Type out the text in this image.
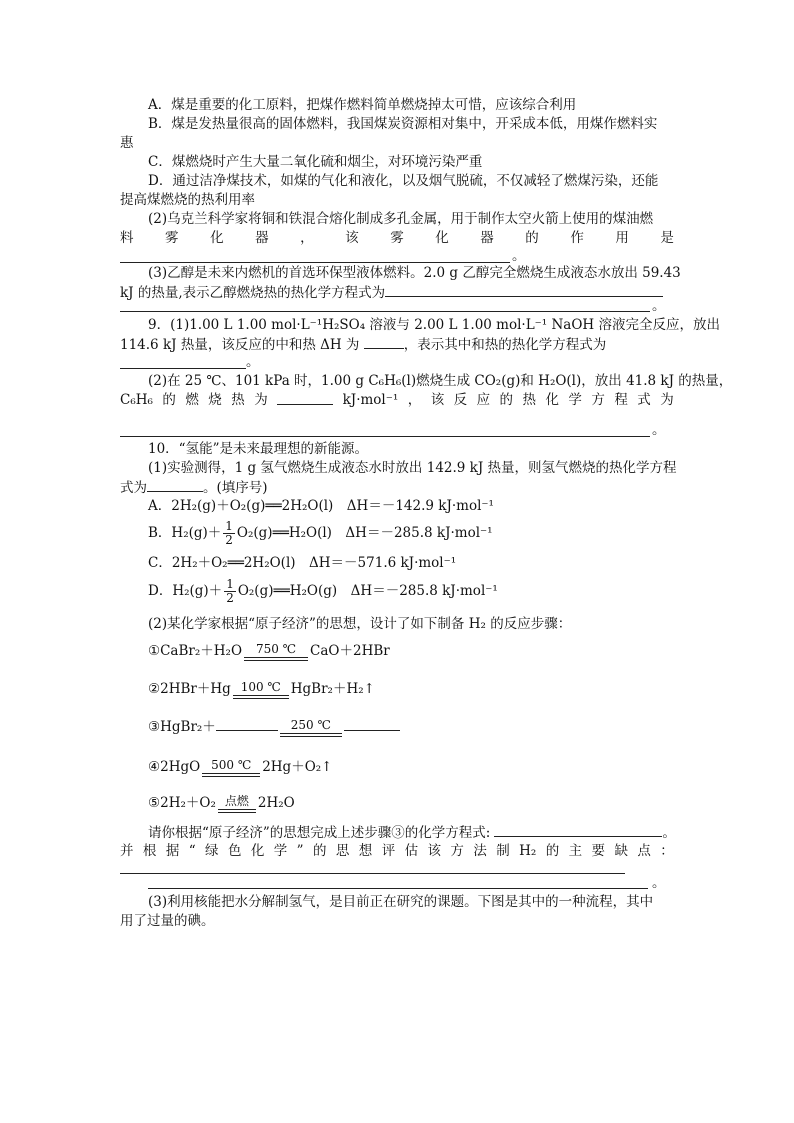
A．煤是重要的化工原料，把煤作燃料简单燃烧掉太可惜，应该综合利用
B．煤是发热量很高的固体燃料，我国煤炭资源相对集中，开采成本低，用煤作燃料实
惠
C．煤燃烧时产生大量二氧化硫和烟尘，对环境污染严重
D．通过洁净煤技术，如煤的气化和液化，以及烟气脱硫，不仅减轻了燃煤污染，还能
提高煤燃烧的热利用率
(2)乌克兰科学家将铜和铁混合熔化制成多孔金属，用于制作太空火箭上使用的煤油燃
料 雾 化 器 ， 该 雾 化 器 的 作 用 是
。
(3)乙醇是未来内燃机的首选环保型液体燃料。2.0 g 乙醇完全燃烧生成液态水放出 59.43
kJ 的热量,表示乙醇燃烧热的热化学方程式为
。
9．(1)1.00 L 1.00 mol·L⁻¹H₂SO₄ 溶液与 2.00 L 1.00 mol·L⁻¹ NaOH 溶液完全反应，放出
114.6 kJ 热量，该反应的中和热 ΔH 为	，表示其中和热的热化学方程式为
。
(2)在 25 ℃、101 kPa 时，1.00 g C₆H₆(l)燃烧生成 CO₂(g)和 H₂O(l)，放出 41.8 kJ 的热量，
C₆H₆ 的 燃 烧 热 为	kJ·mol⁻¹ ， 该 反 应 的 热 化 学 方 程 式 为
。
10．“氢能”是未来最理想的新能源。
(1)实验测得，1 g 氢气燃烧生成液态水时放出 142.9 kJ 热量，则氢气燃烧的热化学方程
式为	。(填序号)
A．2H₂(g)＋O₂(g)══2H₂O(l)　ΔH＝－142.9 kJ·mol⁻¹
B．$H_2(g)+ \frac{1}{2}$ O₂(g)══H₂O(l)　ΔH＝－285.8 kJ·mol⁻¹
C．2H₂＋O₂══2H₂O(l)　ΔH＝－571.6 kJ·mol⁻¹
D．$H_2(g)+ \frac{1}{2}$ O₂(g)══H₂O(g)　ΔH＝－285.8 kJ·mol⁻¹
(2)某化学家根据“原子经济”的思想，设计了如下制备 H₂ 的反应步骤：
①CaBr₂＋H₂O 750 ℃ CaO＋2HBr
②2HBr＋Hg 100 ℃ HgBr₂＋H₂↑
③HgBr₂＋	250 ℃
④2HgO 500 ℃ 2Hg＋O₂↑
⑤2H₂＋O₂ 点燃 2H₂O
请你根据“原子经济”的思想完成上述步骤③的化学方程式:	。
并 根 据 “ 绿 色 化 学 ” 的 思 想 评 估 该 方 法 制 H₂ 的 主 要 缺 点 ：
。
(3)利用核能把水分解制氢气，是目前正在研究的课题。下图是其中的一种流程，其中
用了过量的碘。
